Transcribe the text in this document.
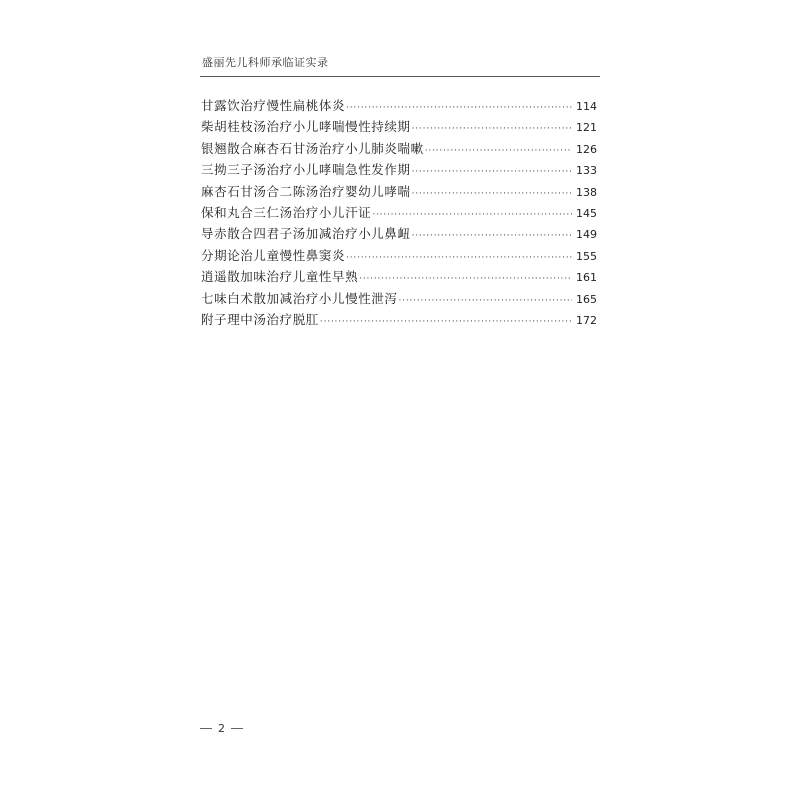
盛丽先儿科师承临证实录
甘露饮治疗慢性扁桃体炎 ·····	114
柴胡桂枝汤治疗小儿哮喘慢性持续期 ·····	121
银翘散合麻杏石甘汤治疗小儿肺炎喘嗽 ·····	126
三拗三子汤治疗小儿哮喘急性发作期 ·····	133
麻杏石甘汤合二陈汤治疗婴幼儿哮喘 ·····	138
保和丸合三仁汤治疗小儿汗证 ·····	145
导赤散合四君子汤加减治疗小儿鼻衄 ·····	149
分期论治儿童慢性鼻窦炎 ·····	155
逍遥散加味治疗儿童性早熟 ·····	161
七味白术散加减治疗小儿慢性泄泻 ·····	165
附子理中汤治疗脱肛 ·····	172
2
